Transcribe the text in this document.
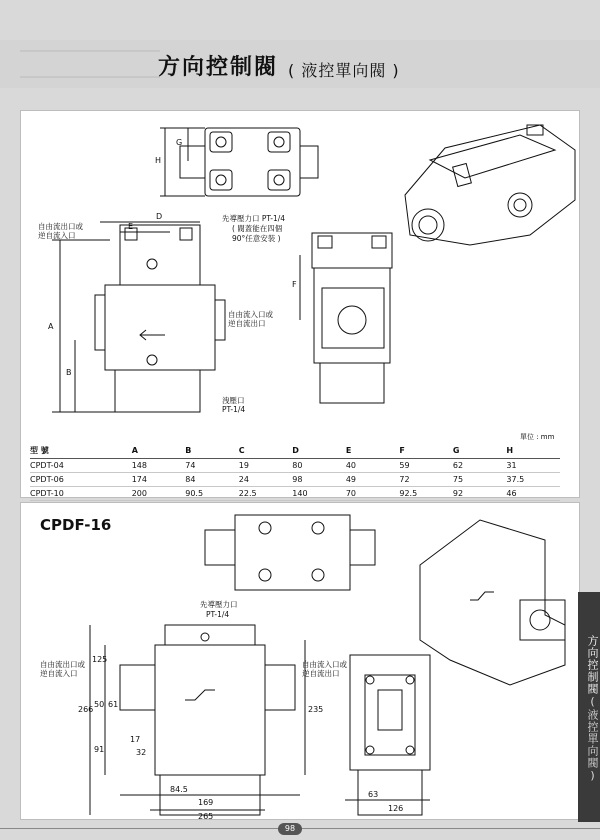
方向控制閥 ( 液控單向閥 )
G
H
D
E
F
A
B
自由流出口或
逆自流入口
先導壓力口 PT-1/4
( 閥蓋能在四個
90°任意安裝 )
自由流入口或
逆自流出口
洩壓口
PT-1/4
單位 : mm
型 號	A	B	C	D	E	F	G	H
CPDT-04	148	74	19	80	40	59	62	31
CPDT-06	174	84	24	98	49	72	75	37.5
CPDT-10	200	90.5	22.5	140	70	92.5	92	46
CPDF-16
先導壓力口
PT-1/4
自由流出口或
逆自流入口
自由流入口或
逆自流出口
125
266
50 61
91
17
32
84.5
169
265
235
63
126
方向控制閥(液控單向閥)
98
